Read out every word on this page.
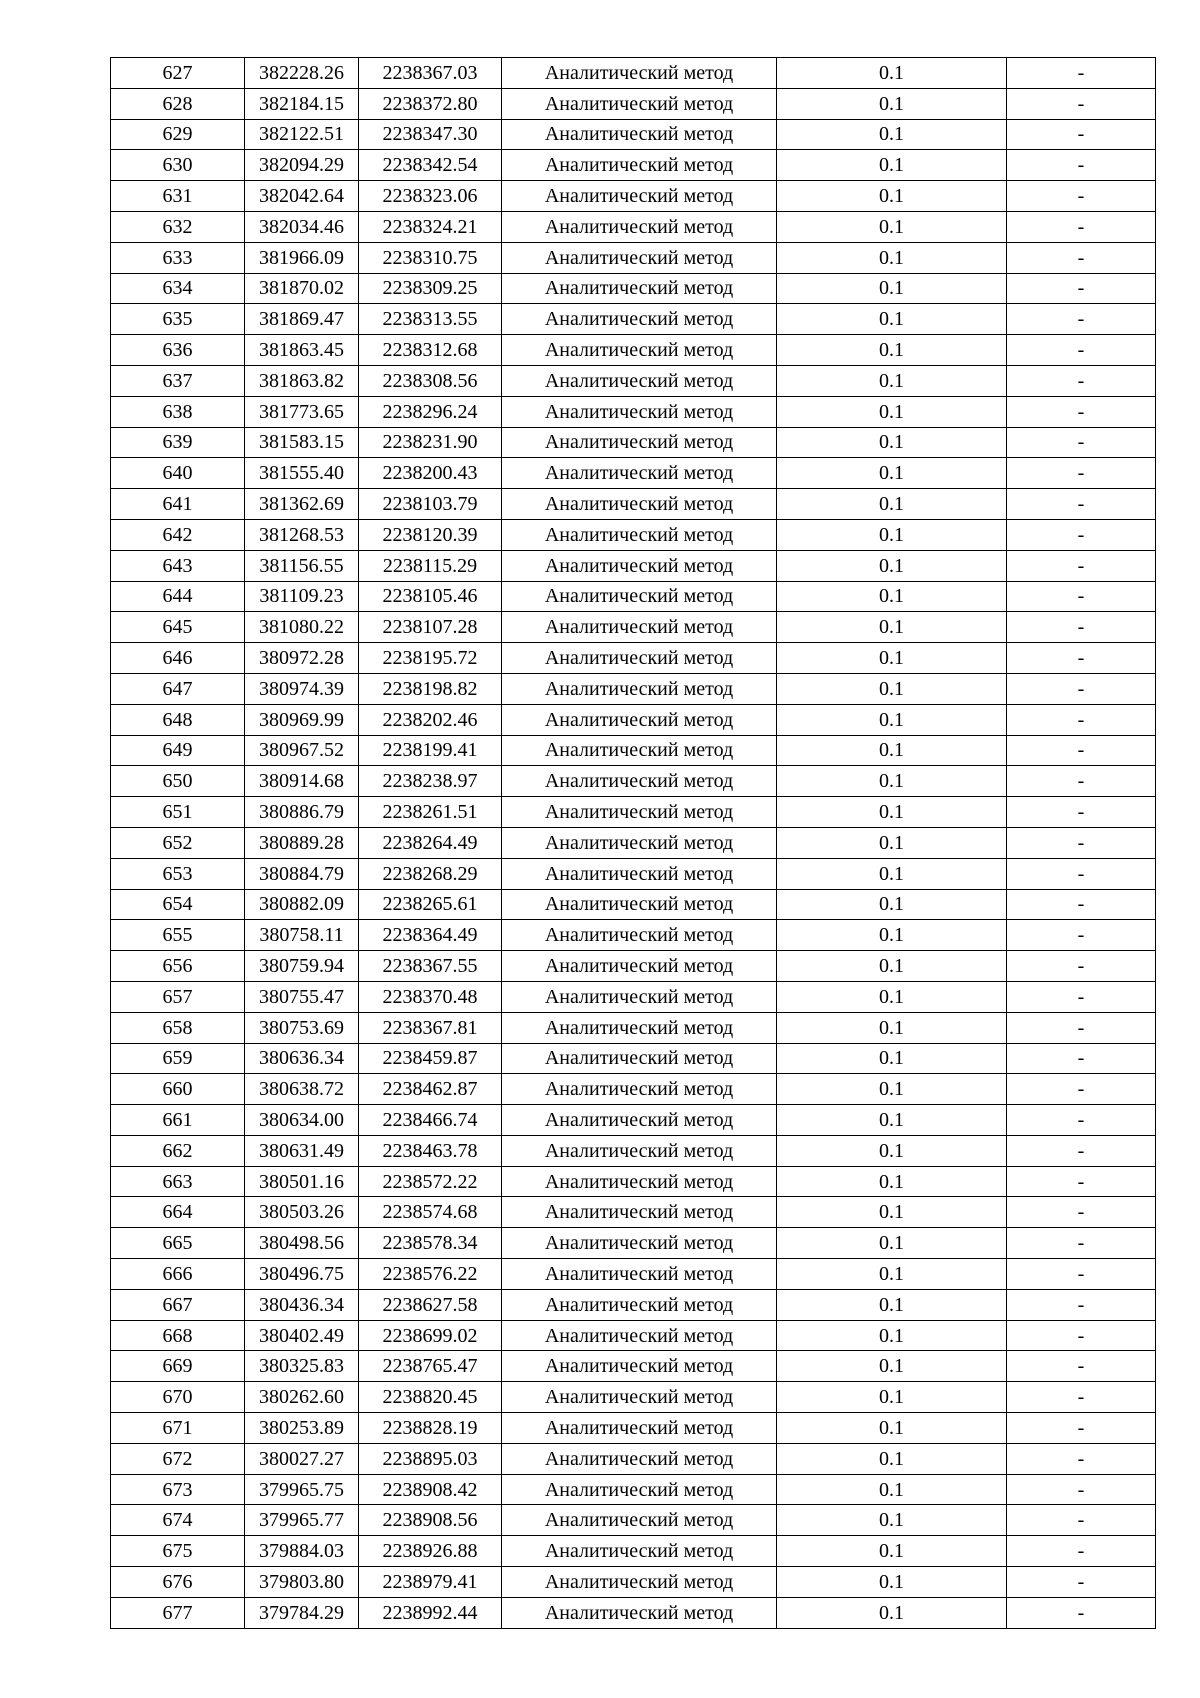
627	382228.26	2238367.03	Аналитический метод	0.1	-
628	382184.15	2238372.80	Аналитический метод	0.1	-
629	382122.51	2238347.30	Аналитический метод	0.1	-
630	382094.29	2238342.54	Аналитический метод	0.1	-
631	382042.64	2238323.06	Аналитический метод	0.1	-
632	382034.46	2238324.21	Аналитический метод	0.1	-
633	381966.09	2238310.75	Аналитический метод	0.1	-
634	381870.02	2238309.25	Аналитический метод	0.1	-
635	381869.47	2238313.55	Аналитический метод	0.1	-
636	381863.45	2238312.68	Аналитический метод	0.1	-
637	381863.82	2238308.56	Аналитический метод	0.1	-
638	381773.65	2238296.24	Аналитический метод	0.1	-
639	381583.15	2238231.90	Аналитический метод	0.1	-
640	381555.40	2238200.43	Аналитический метод	0.1	-
641	381362.69	2238103.79	Аналитический метод	0.1	-
642	381268.53	2238120.39	Аналитический метод	0.1	-
643	381156.55	2238115.29	Аналитический метод	0.1	-
644	381109.23	2238105.46	Аналитический метод	0.1	-
645	381080.22	2238107.28	Аналитический метод	0.1	-
646	380972.28	2238195.72	Аналитический метод	0.1	-
647	380974.39	2238198.82	Аналитический метод	0.1	-
648	380969.99	2238202.46	Аналитический метод	0.1	-
649	380967.52	2238199.41	Аналитический метод	0.1	-
650	380914.68	2238238.97	Аналитический метод	0.1	-
651	380886.79	2238261.51	Аналитический метод	0.1	-
652	380889.28	2238264.49	Аналитический метод	0.1	-
653	380884.79	2238268.29	Аналитический метод	0.1	-
654	380882.09	2238265.61	Аналитический метод	0.1	-
655	380758.11	2238364.49	Аналитический метод	0.1	-
656	380759.94	2238367.55	Аналитический метод	0.1	-
657	380755.47	2238370.48	Аналитический метод	0.1	-
658	380753.69	2238367.81	Аналитический метод	0.1	-
659	380636.34	2238459.87	Аналитический метод	0.1	-
660	380638.72	2238462.87	Аналитический метод	0.1	-
661	380634.00	2238466.74	Аналитический метод	0.1	-
662	380631.49	2238463.78	Аналитический метод	0.1	-
663	380501.16	2238572.22	Аналитический метод	0.1	-
664	380503.26	2238574.68	Аналитический метод	0.1	-
665	380498.56	2238578.34	Аналитический метод	0.1	-
666	380496.75	2238576.22	Аналитический метод	0.1	-
667	380436.34	2238627.58	Аналитический метод	0.1	-
668	380402.49	2238699.02	Аналитический метод	0.1	-
669	380325.83	2238765.47	Аналитический метод	0.1	-
670	380262.60	2238820.45	Аналитический метод	0.1	-
671	380253.89	2238828.19	Аналитический метод	0.1	-
672	380027.27	2238895.03	Аналитический метод	0.1	-
673	379965.75	2238908.42	Аналитический метод	0.1	-
674	379965.77	2238908.56	Аналитический метод	0.1	-
675	379884.03	2238926.88	Аналитический метод	0.1	-
676	379803.80	2238979.41	Аналитический метод	0.1	-
677	379784.29	2238992.44	Аналитический метод	0.1	-
